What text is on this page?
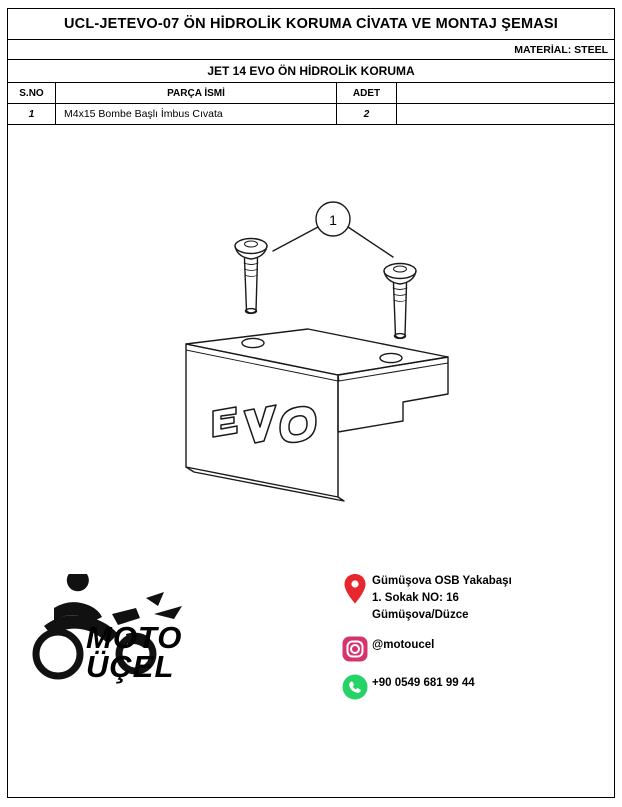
UCL-JETEVO-07 ÖN HİDROLİK KORUMA CİVATA VE MONTAJ ŞEMASI
MATERİAL: STEEL
JET 14 EVO ÖN HİDROLİK KORUMA
S.NO	PARÇA İSMİ	ADET
1	M4x15 Bombe Başlı İmbus Cıvata	2
1
MOTO
ÜÇEL
Gümüşova OSB Yakabaşı
1. Sokak NO: 16
Gümüşova/Düzce
@motoucel
+90 0549 681 99 44
